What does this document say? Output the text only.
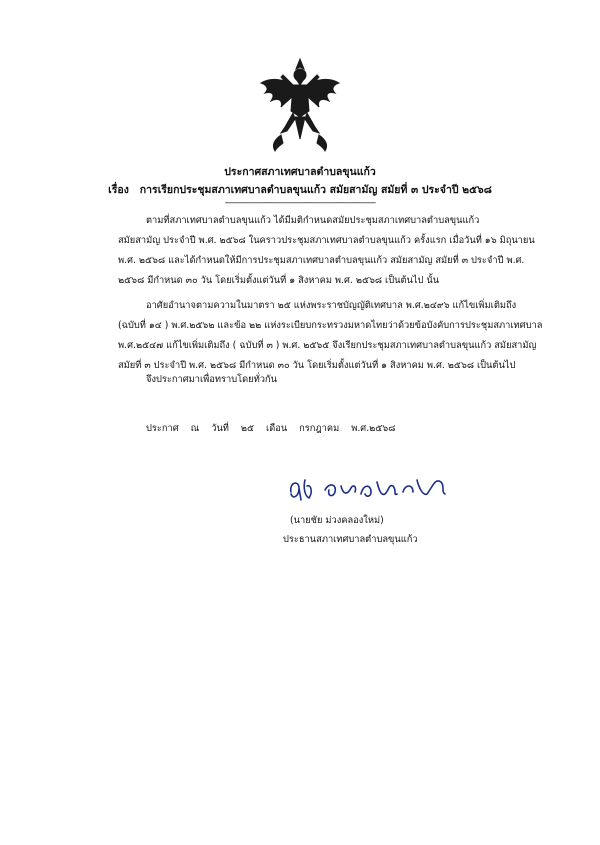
ประกาศสภาเทศบาลตำบลขุนแก้ว
เรื่อง การเรียกประชุมสภาเทศบาลตำบลขุนแก้ว สมัยสามัญ สมัยที่ ๓ ประจำปี ๒๕๖๘
-------------------------------------------------------------------
ตามที่สภาเทศบาลตำบลขุนแก้ว ได้มีมติกำหนดสมัยประชุมสภาเทศบาลตำบลขุนแก้ว
สมัยสามัญ ประจำปี พ.ศ. ๒๕๖๘ ในคราวประชุมสภาเทศบาลตำบลขุนแก้ว ครั้งแรก เมื่อวันที่ ๑๖ มิถุนายน
พ.ศ. ๒๕๖๘ และได้กำหนดให้มีการประชุมสภาเทศบาลตำบลขุนแก้ว สมัยสามัญ สมัยที่ ๓ ประจำปี พ.ศ.
๒๕๖๘ มีกำหนด ๓๐ วัน โดยเริ่มตั้งแต่วันที่ ๑ สิงหาคม พ.ศ. ๒๕๖๘ เป็นต้นไป นั้น
อาศัยอำนาจตามความในมาตรา ๒๕ แห่งพระราชบัญญัติเทศบาล พ.ศ.๒๔๙๖ แก้ไขเพิ่มเติมถึง
(ฉบับที่ ๑๔ ) พ.ศ.๒๕๖๒ และข้อ ๒๒ แห่งระเบียบกระทรวงมหาดไทยว่าด้วยข้อบังคับการประชุมสภาเทศบาล
พ.ศ.๒๕๔๗ แก้ไขเพิ่มเติมถึง ( ฉบับที่ ๓ ) พ.ศ. ๒๕๖๕ จึงเรียกประชุมสภาเทศบาลตำบลขุนแก้ว สมัยสามัญ
สมัยที่ ๓ ประจำปี พ.ศ. ๒๕๖๘ มีกำหนด ๓๐ วัน โดยเริ่มตั้งแต่วันที่ ๑ สิงหาคม พ.ศ. ๒๕๖๘ เป็นต้นไป
จึงประกาศมาเพื่อทราบโดยทั่วกัน
ประกาศ ณ วันที่ ๒๕ เดือน กรกฎาคม พ.ศ.๒๕๖๘
(นายชัย ม่วงคลองใหม่)
ประธานสภาเทศบาลตำบลขุนแก้ว
